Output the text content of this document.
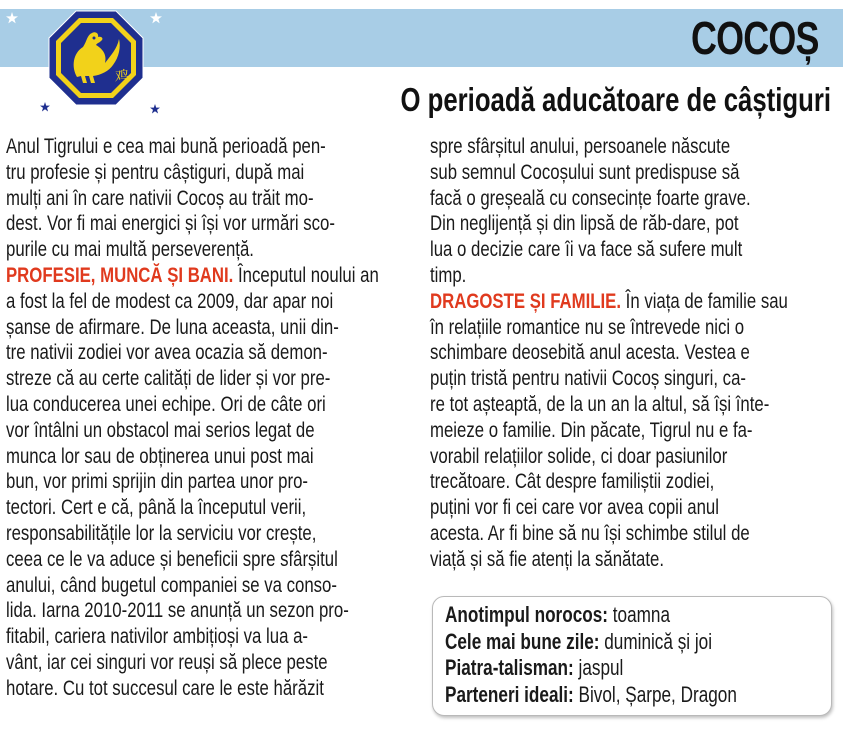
鸡
COCOȘ
O perioadă aducătoare de câștiguri
Anul Tigrului e cea mai bună perioadă pen-
tru profesie și pentru câștiguri, după mai
mulți ani în care nativii Cocoș au trăit mo-
dest. Vor fi mai energici și își vor urmări sco-
purile cu mai multă perseverență.
PROFESIE, MUNCĂ ȘI BANI. Începutul noului an
a fost la fel de modest ca 2009, dar apar noi
șanse de afirmare. De luna aceasta, unii din-
tre nativii zodiei vor avea ocazia să demon-
streze că au certe calități de lider și vor pre-
lua conducerea unei echipe. Ori de câte ori
vor întâlni un obstacol mai serios legat de
munca lor sau de obținerea unui post mai
bun, vor primi sprijin din partea unor pro-
tectori. Cert e că, până la începutul verii,
responsabilitățile lor la serviciu vor crește,
ceea ce le va aduce și beneficii spre sfârșitul
anului, când bugetul companiei se va conso-
lida. Iarna 2010-2011 se anunță un sezon pro-
fitabil, cariera nativilor ambițioși va lua a-
vânt, iar cei singuri vor reuși să plece peste
hotare. Cu tot succesul care le este hărăzit
spre sfârșitul anului, persoanele născute
sub semnul Cocoșului sunt predispuse să
facă o greșeală cu consecințe foarte grave.
Din neglijență și din lipsă de răb-dare, pot
lua o decizie care îi va face să sufere mult
timp.
DRAGOSTE ȘI FAMILIE. În viața de familie sau
în relațiile romantice nu se întrevede nici o
schimbare deosebită anul acesta. Vestea e
puțin tristă pentru nativii Cocoș singuri, ca-
re tot așteaptă, de la un an la altul, să își înte-
meieze o familie. Din păcate, Tigrul nu e fa-
vorabil relațiilor solide, ci doar pasiunilor
trecătoare. Cât despre familiștii zodiei,
puțini vor fi cei care vor avea copii anul
acesta. Ar fi bine să nu își schimbe stilul de
viață și să fie atenți la sănătate.
Anotimpul norocos: toamna
Cele mai bune zile: duminică și joi
Piatra-talisman: jaspul
Parteneri ideali: Bivol, Șarpe, Dragon
